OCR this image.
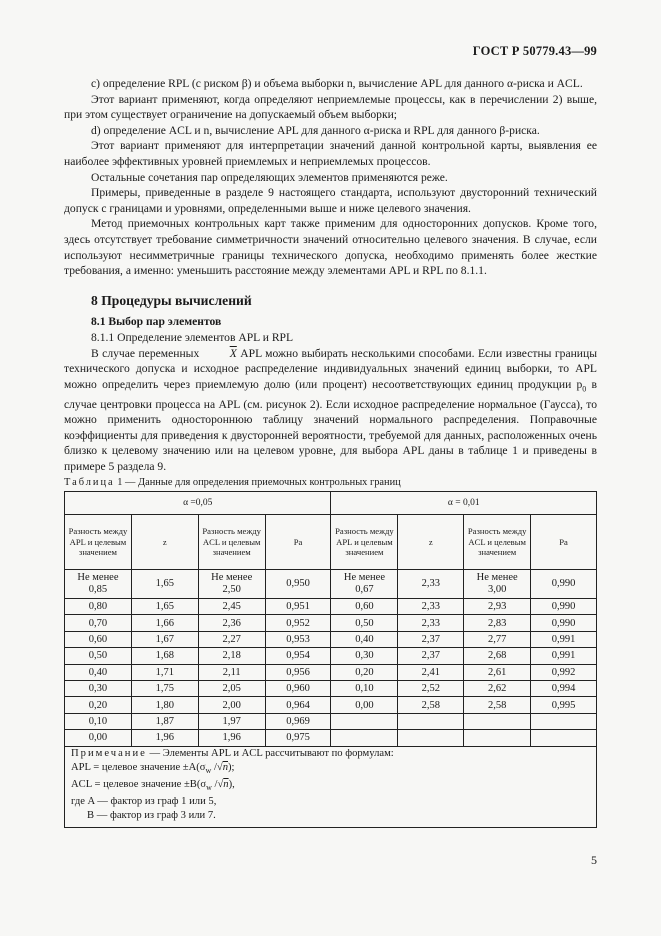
ГОСТ Р 50779.43—99

c) определение RPL (с риском β) и объема выборки n, вычисление APL для данного α-риска и ACL.

Этот вариант применяют, когда определяют неприемлемые процессы, как в перечислении 2) выше, при этом существует ограничение на допускаемый объем выборки;

d) определение ACL и n, вычисление APL для данного α-риска и RPL для данного β-риска.

Этот вариант применяют для интерпретации значений данной контрольной карты, выявления ее наиболее эффективных уровней приемлемых и неприемлемых процессов.

Остальные сочетания пар определяющих элементов применяются реже.

Примеры, приведенные в разделе 9 настоящего стандарта, используют двусторонний технический допуск с границами и уровнями, определенными выше и ниже целевого значения.

Метод приемочных контрольных карт также применим для односторонних допусков. Кроме того, здесь отсутствует требование симметричности значений относительно целевого значения. В случае, если используют несимметричные границы технического допуска, необходимо применять более жесткие требования, а именно: уменьшить расстояние между элементами APL и RPL по 8.1.1.

8 Процедуры вычислений

8.1 Выбор пар элементов

8.1.1 Определение элементов APL и RPL

В случае переменных	$\overline{X}$ APL можно выбирать несколькими способами. Если известны границы технического допуска и исходное распределение индивидуальных значений единиц выборки, то APL можно определить через приемлемую долю (или процент) несоответствующих единиц продукции $p_0$ в случае центровки процесса на APL (см. рисунок 2). Если исходное распределение нормальное (Гаусса), то можно применить одностороннюю таблицу значений нормального распределения. Поправочные коэффициенты для приведения к двусторонней вероятности, требуемой для данных, расположенных очень близко к целевому значению или на целевом уровне, для выбора APL даны в таблице 1 и приведены в примере 5 раздела 9.

Таблица 1 — Данные для определения приемочных контрольных границ
α =0,05				α = 0,01			
Разность между APL и целевым значением	z	Разность между ACL и целевым значением	Pa	Разность между APL и целевым значением	z	Разность между ACL и целевым значением	Pa
Не менее 0,85	1,65	Не менее 2,50	0,950	Не менее 0,67	2,33	Не менее 3,00	0,990
0,80	1,65	2,45	0,951	0,60	2,33	2,93	0,990
0,70	1,66	2,36	0,952	0,50	2,33	2,83	0,990
0,60	1,67	2,27	0,953	0,40	2,37	2,77	0,991
0,50	1,68	2,18	0,954	0,30	2,37	2,68	0,991
0,40	1,71	2,11	0,956	0,20	2,41	2,61	0,992
0,30	1,75	2,05	0,960	0,10	2,52	2,62	0,994
0,20	1,80	2,00	0,964	0,00	2,58	2,58	0,995
0,10	1,87	1,97	0,969				
0,00	1,96	1,96	0,975				

Примечание — Элементы APL и ACL рассчитывают по формулам:

APL = целевое значение $\pm A(\sigma_w$ /√n);

ACL = целевое значение $\pm B(\sigma_w$ /√n),

где A — фактор из граф 1 или 5,

B — фактор из граф 3 или 7.

5
